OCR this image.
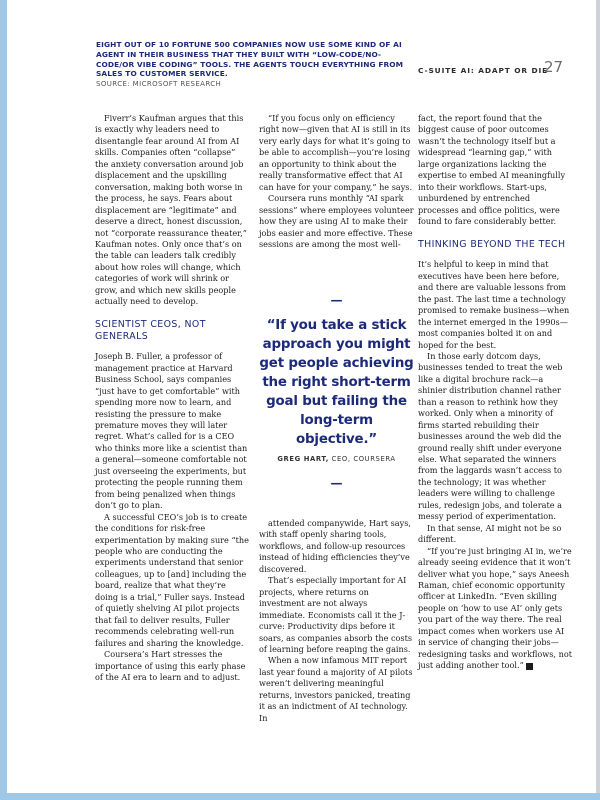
EIGHT OUT OF 10 FORTUNE 500 COMPANIES NOW USE SOME KIND OF AI AGENT IN THEIR BUSINESS THAT THEY BUILT WITH “LOW-CODE/NO-CODE/OR VIBE CODING” TOOLS. THE AGENTS TOUCH EVERYTHING FROM SALES TO CUSTOMER SERVICE.

SOURCE: MICROSOFT RESEARCH

C-SUITE AI: ADAPT OR DIE
27

Fiverr’s Kaufman argues that this is exactly why leaders need to disentangle fear around AI from AI skills. Companies often “collapse” the anxiety conversation around job displacement and the upskilling conversation, making both worse in the process, he says. Fears about displacement are “legitimate” and deserve a direct, honest discussion, not “corporate reassurance theater,” Kaufman notes. Only once that’s on the table can leaders talk credibly about how roles will change, which categories of work will shrink or grow, and which new skills people actually need to develop.

SCIENTIST CEOS, NOT GENERALS

Joseph B. Fuller, a professor of management practice at Harvard Business School, says companies “just have to get comfortable” with spending more now to learn, and resisting the pressure to make premature moves they will later regret. What’s called for is a CEO who thinks more like a scientist than a general—someone comfortable not just overseeing the experiments, but protecting the people running them from being penalized when things don’t go to plan.

A successful CEO’s job is to create the conditions for risk-free experimentation by making sure “the people who are conducting the experiments understand that senior colleagues, up to [and] including the board, realize that what they’re doing is a trial,” Fuller says. Instead of quietly shelving AI pilot projects that fail to deliver results, Fuller recommends celebrating well-run failures and sharing the knowledge.

Coursera’s Hart stresses the importance of using this early phase of the AI era to learn and to adjust.

“If you focus only on efficiency right now—given that AI is still in its very early days for what it’s going to be able to accomplish—you’re losing an opportunity to think about the really transformative effect that AI can have for your company,” he says.

Coursera runs monthly “AI spark sessions” where employees volunteer how they are using AI to make their jobs easier and more effective. These sessions are among the most well-

—

“If you take a stick approach you might get people achieving the right short-term goal but failing the long-term objective.”

GREG HART, CEO, COURSERA

—

attended companywide, Hart says, with staff openly sharing tools, workflows, and follow-up resources instead of hiding efficiencies they’ve discovered.

That’s especially important for AI projects, where returns on investment are not always immediate. Economists call it the J-curve: Productivity dips before it soars, as companies absorb the costs of learning before reaping the gains.

When a now infamous MIT report last year found a majority of AI pilots weren’t delivering meaningful returns, investors panicked, treating it as an indictment of AI technology. In

fact, the report found that the biggest cause of poor outcomes wasn’t the technology itself but a widespread “learning gap,” with large organizations lacking the expertise to embed AI meaningfully into their workflows. Start-ups, unburdened by entrenched processes and office politics, were found to fare considerably better.

THINKING BEYOND THE TECH

It’s helpful to keep in mind that executives have been here before, and there are valuable lessons from the past. The last time a technology promised to remake business—when the internet emerged in the 1990s—most companies bolted it on and hoped for the best.

In those early dotcom days, businesses tended to treat the web like a digital brochure rack—a shinier distribution channel rather than a reason to rethink how they worked. Only when a minority of firms started rebuilding their businesses around the web did the ground really shift under everyone else. What separated the winners from the laggards wasn’t access to the technology; it was whether leaders were willing to challenge rules, redesign jobs, and tolerate a messy period of experimentation.

In that sense, AI might not be so different.

“If you’re just bringing AI in, we’re already seeing evidence that it won’t deliver what you hope,” says Aneesh Raman, chief economic opportunity officer at LinkedIn. “Even skilling people on ‘how to use AI’ only gets you part of the way there. The real impact comes when workers use AI in service of changing their jobs—redesigning tasks and workflows, not just adding another tool.” F
